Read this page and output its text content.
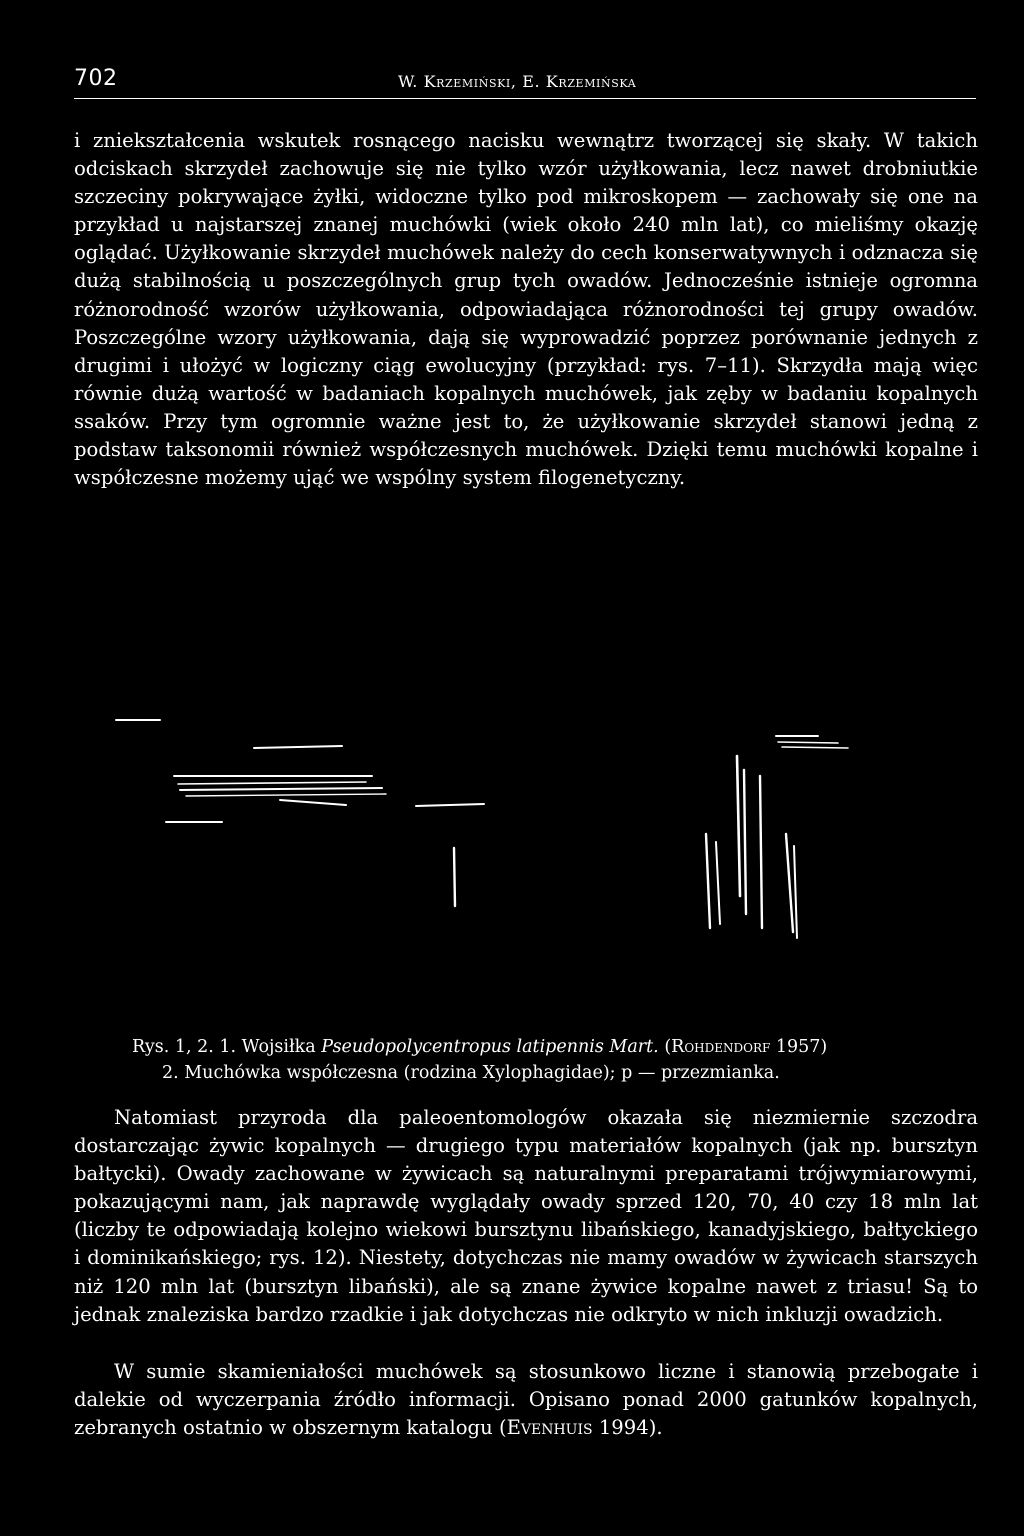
702	W. Krzemiński, E. Krzemińska

i zniekształcenia wskutek rosnącego nacisku wewnątrz tworzącej się skały. W takich odciskach skrzydeł zachowuje się nie tylko wzór użyłkowania, lecz nawet drobniutkie szczeciny pokrywające żyłki, widoczne tylko pod mikroskopem — zachowały się one na przykład u najstarszej znanej muchówki (wiek około 240 mln lat), co mieliśmy okazję oglądać. Użyłkowanie skrzydeł muchówek należy do cech konserwatywnych i odznacza się dużą stabilnością u poszczególnych grup tych owadów. Jednocześnie istnieje ogromna różnorodność wzorów użyłkowania, odpowiadająca różnorodności tej grupy owadów. Poszczególne wzory użyłkowania, dają się wyprowadzić poprzez porównanie jednych z drugimi i ułożyć w logiczny ciąg ewolucyjny (przykład: rys. 7–11). Skrzydła mają więc równie dużą wartość w badaniach kopalnych muchówek, jak zęby w badaniu kopalnych ssaków. Przy tym ogromnie ważne jest to, że użyłkowanie skrzydeł stanowi jedną z podstaw taksonomii również współczesnych muchówek. Dzięki temu muchówki kopalne i współczesne możemy ująć we wspólny system filogenetyczny.

Rys. 1, 2. 1. Wojsiłka Pseudopolycentropus latipennis Mart. (Rohdendorf 1957)
2. Muchówka współczesna (rodzina Xylophagidae); p — przezmianka.

Natomiast przyroda dla paleoentomologów okazała się niezmiernie szczodra dostarczając żywic kopalnych — drugiego typu materiałów kopalnych (jak np. bursztyn bałtycki). Owady zachowane w żywicach są naturalnymi preparatami trójwymiarowymi, pokazującymi nam, jak naprawdę wyglądały owady sprzed 120, 70, 40 czy 18 mln lat (liczby te odpowiadają kolejno wiekowi bursztynu libańskiego, kanadyjskiego, bałtyckiego i dominikańskiego; rys. 12). Niestety, dotychczas nie mamy owadów w żywicach starszych niż 120 mln lat (bursztyn libański), ale są znane żywice kopalne nawet z triasu! Są to jednak znaleziska bardzo rzadkie i jak dotychczas nie odkryto w nich inkluzji owadzich.

W sumie skamieniałości muchówek są stosunkowo liczne i stanowią przebogate i dalekie od wyczerpania źródło informacji. Opisano ponad 2000 gatunków kopalnych, zebranych ostatnio w obszernym katalogu (Evenhuis 1994).
